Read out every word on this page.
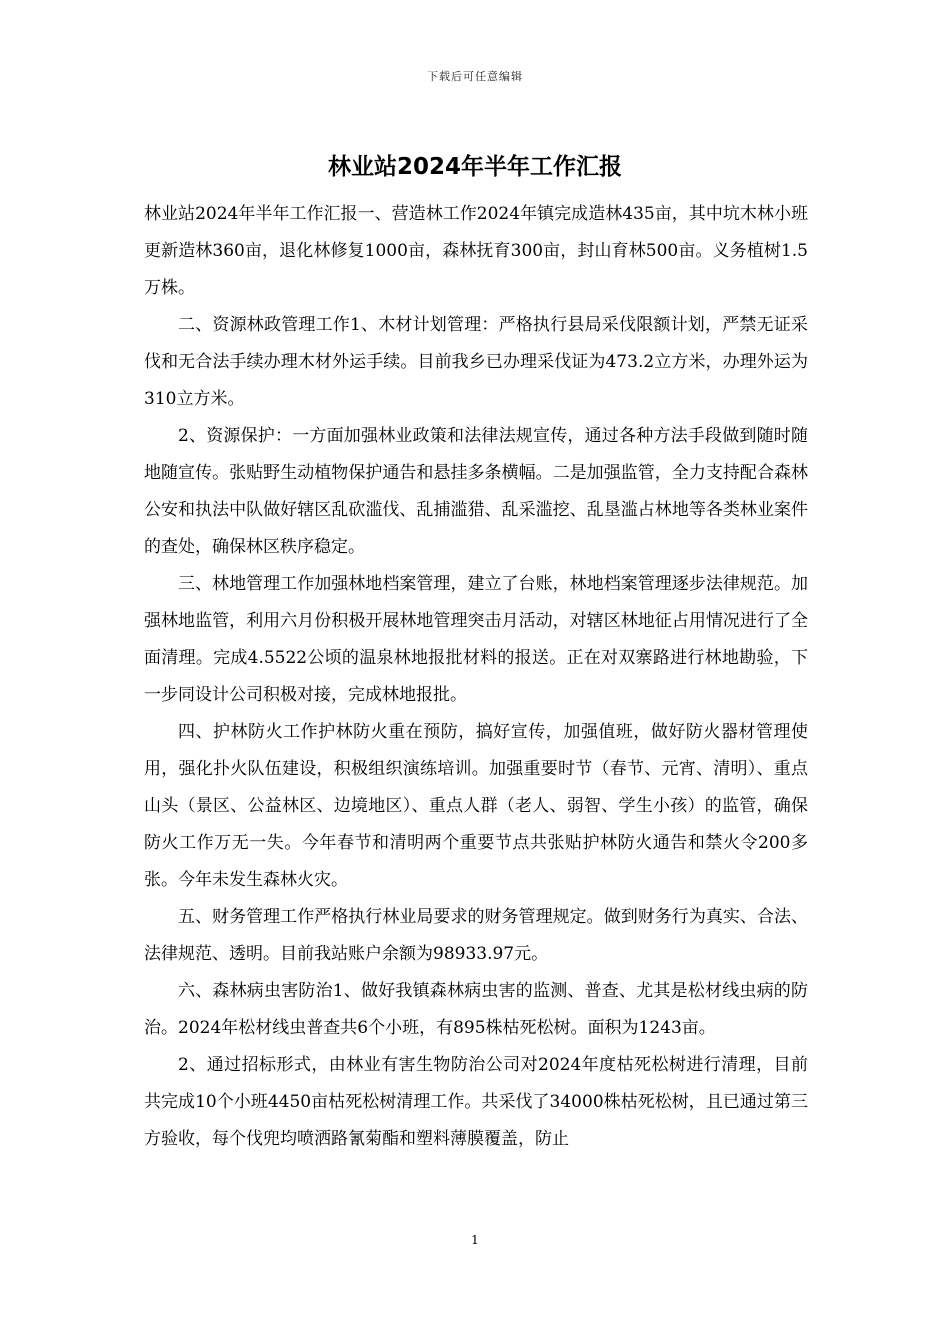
下载后可任意编辑
林业站2024年半年工作汇报

林业站2024年半年工作汇报一、营造林工作2024年镇完成造林435亩，其中坑木林小班更新造林360亩，退化林修复1000亩，森林抚育300亩，封山育林500亩。义务植树1.5万株。

二、资源林政管理工作1、木材计划管理：严格执行县局采伐限额计划，严禁无证采伐和无合法手续办理木材外运手续。目前我乡已办理采伐证为473.2立方米，办理外运为310立方米。

2、资源保护：一方面加强林业政策和法律法规宣传，通过各种方法手段做到随时随地随宣传。张贴野生动植物保护通告和悬挂多条横幅。二是加强监管，全力支持配合森林公安和执法中队做好辖区乱砍滥伐、乱捕滥猎、乱采滥挖、乱垦滥占林地等各类林业案件的查处，确保林区秩序稳定。

三、林地管理工作加强林地档案管理，建立了台账，林地档案管理逐步法律规范。加强林地监管，利用六月份积极开展林地管理突击月活动，对辖区林地征占用情况进行了全面清理。完成4.5522公顷的温泉林地报批材料的报送。正在对双寨路进行林地勘验，下一步同设计公司积极对接，完成林地报批。

四、护林防火工作护林防火重在预防，搞好宣传，加强值班，做好防火器材管理使用，强化扑火队伍建设，积极组织演练培训。加强重要时节（春节、元宵、清明）、重点山头（景区、公益林区、边境地区）、重点人群（老人、弱智、学生小孩）的监管，确保防火工作万无一失。今年春节和清明两个重要节点共张贴护林防火通告和禁火令200多张。今年未发生森林火灾。

五、财务管理工作严格执行林业局要求的财务管理规定。做到财务行为真实、合法、法律规范、透明。目前我站账户余额为98933.97元。

六、森林病虫害防治1、做好我镇森林病虫害的监测、普查、尤其是松材线虫病的防治。2024年松材线虫普查共6个小班，有895株枯死松树。面积为1243亩。

2、通过招标形式，由林业有害生物防治公司对2024年度枯死松树进行清理，目前共完成10个小班4450亩枯死松树清理工作。共采伐了34000株枯死松树，且已通过第三方验收，每个伐兜均喷洒路氰菊酯和塑料薄膜覆盖，防止

1
